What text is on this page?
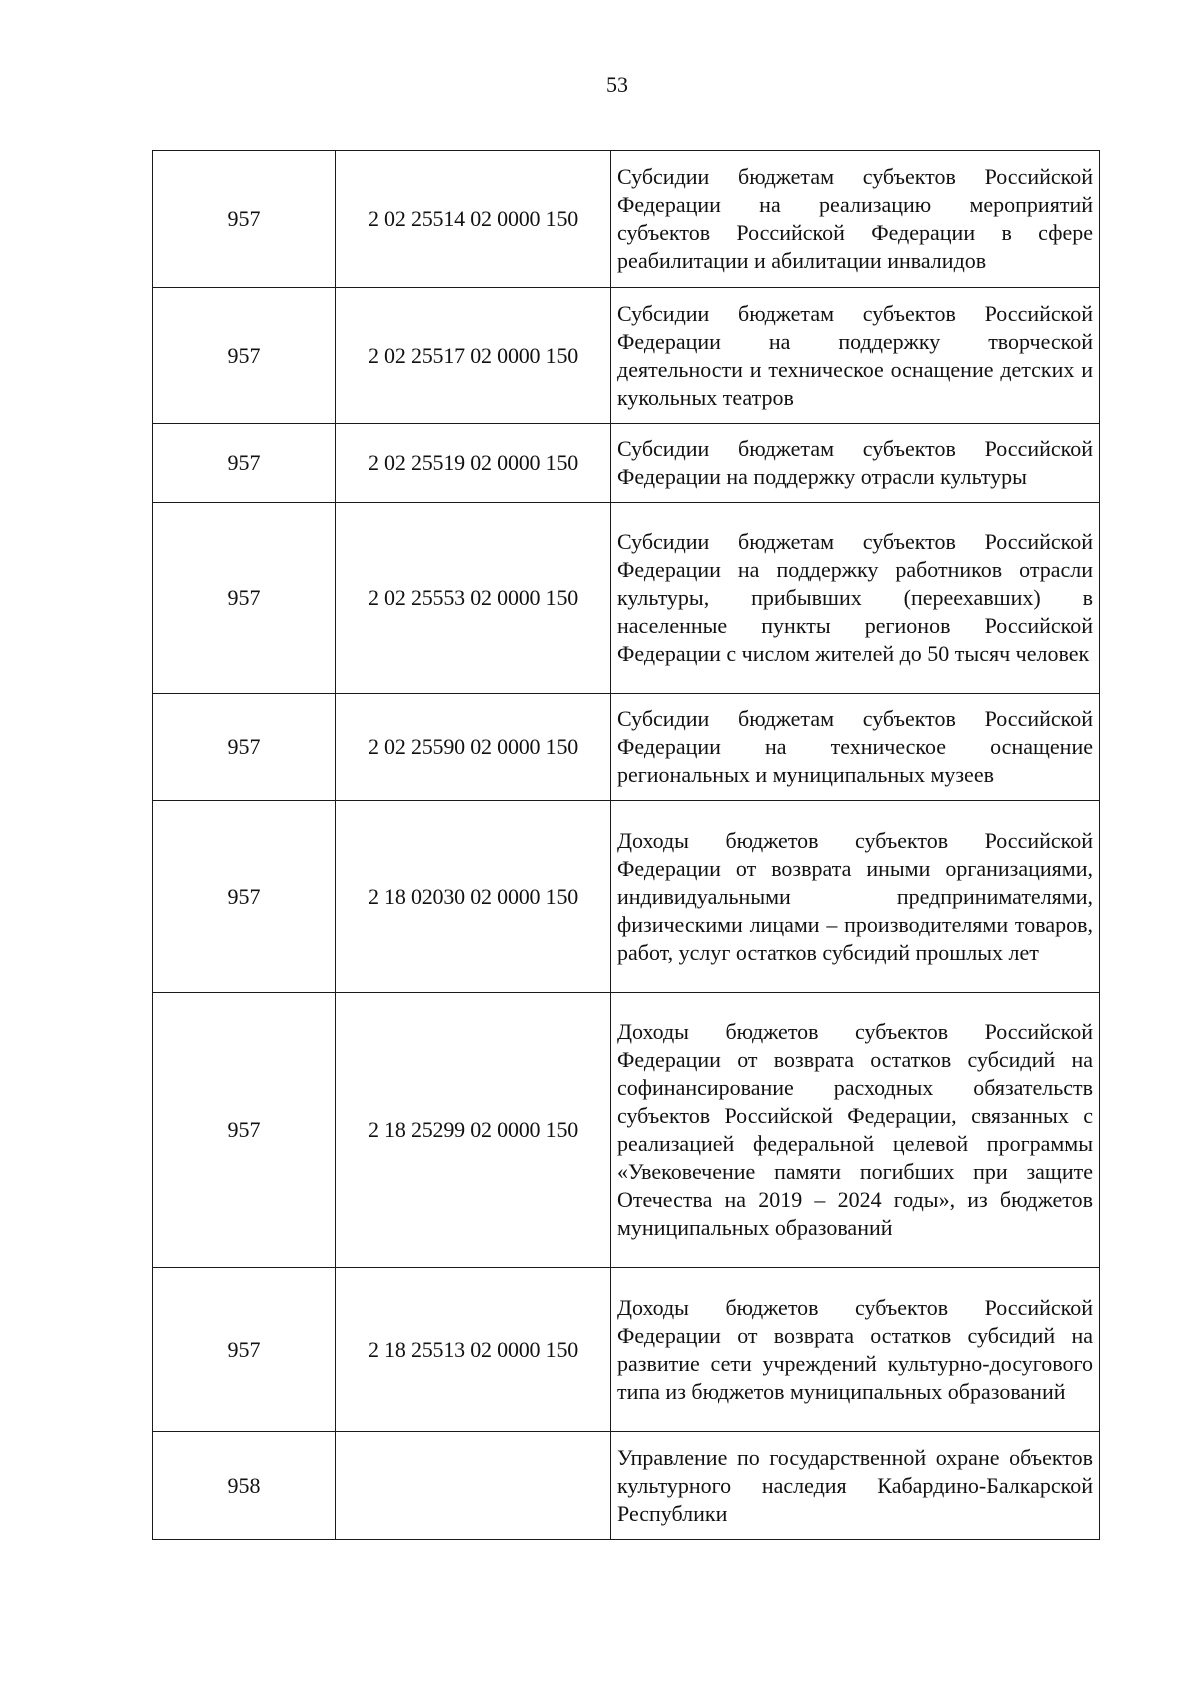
53
957	2 02 25514 02 0000 150	Субсидии бюджетам субъектов Российской Федерации на реализацию мероприятий субъектов Российской Федерации в сфере реабилитации и абилитации инвалидов
957	2 02 25517 02 0000 150	Субсидии бюджетам субъектов Российской Федерации на поддержку творческой деятельности и техническое оснащение детских и кукольных театров
957	2 02 25519 02 0000 150	Субсидии бюджетам субъектов Российской Федерации на поддержку отрасли культуры
957	2 02 25553 02 0000 150	Субсидии бюджетам субъектов Российской Федерации на поддержку работников отрасли культуры, прибывших (переехавших) в населенные пункты регионов Российской Федерации с числом жителей до 50 тысяч человек
957	2 02 25590 02 0000 150	Субсидии бюджетам субъектов Российской Федерации на техническое оснащение региональных и муниципальных музеев
957	2 18 02030 02 0000 150	Доходы бюджетов субъектов Российской Федерации от возврата иными организациями, индивидуальными предпринимателями, физическими лицами – производителями товаров, работ, услуг остатков субсидий прошлых лет
957	2 18 25299 02 0000 150	Доходы бюджетов субъектов Российской Федерации от возврата остатков субсидий на софинансирование расходных обязательств субъектов Российской Федерации, связанных с реализацией федеральной целевой программы «Увековечение памяти погибших при защите Отечества на 2019 – 2024 годы», из бюджетов муниципальных образований
957	2 18 25513 02 0000 150	Доходы бюджетов субъектов Российской Федерации от возврата остатков субсидий на развитие сети учреждений культурно-досугового типа из бюджетов муниципальных образований
958		Управление по государственной охране объектов культурного наследия Кабардино-Балкарской Республики
